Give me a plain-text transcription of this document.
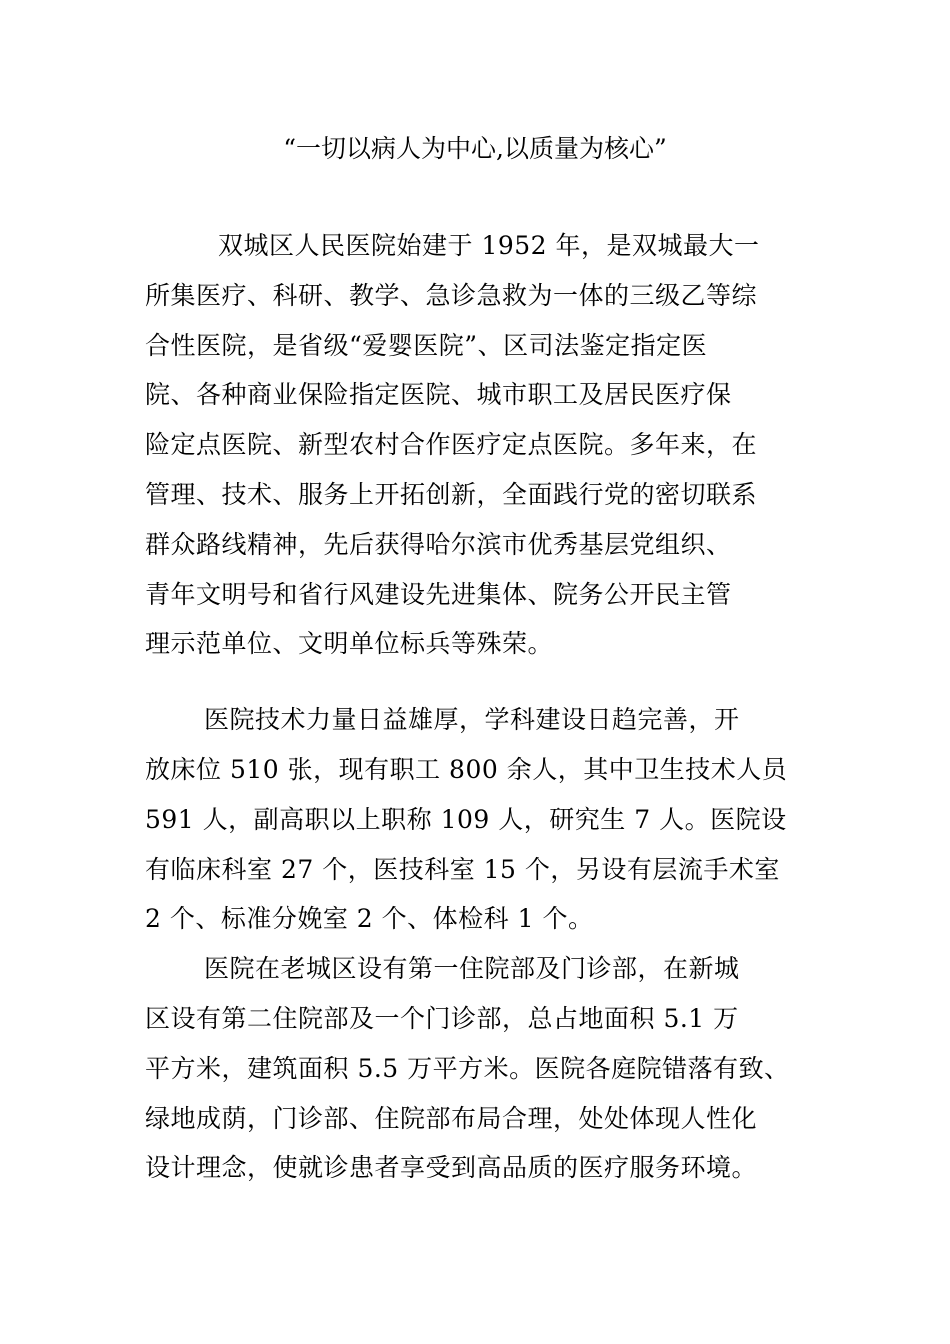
“一切以病人为中心,以质量为核心”
双城区人民医院始建于 1952 年，是双城最大一
所集医疗、科研、教学、急诊急救为一体的三级乙等综
合性医院，是省级“爱婴医院”、区司法鉴定指定医
院、各种商业保险指定医院、城市职工及居民医疗保
险定点医院、新型农村合作医疗定点医院。多年来，在
管理、技术、服务上开拓创新，全面践行党的密切联系
群众路线精神，先后获得哈尔滨市优秀基层党组织、
青年文明号和省行风建设先进集体、院务公开民主管
理示范单位、文明单位标兵等殊荣。
医院技术力量日益雄厚，学科建设日趋完善，开
放床位 510 张，现有职工 800 余人，其中卫生技术人员
591 人，副高职以上职称 109 人，研究生 7 人。医院设
有临床科室 27 个，医技科室 15 个，另设有层流手术室
2 个、标准分娩室 2 个、体检科 1 个。
医院在老城区设有第一住院部及门诊部，在新城
区设有第二住院部及一个门诊部，总占地面积 5.1 万
平方米，建筑面积 5.5 万平方米。医院各庭院错落有致、
绿地成荫，门诊部、住院部布局合理，处处体现人性化
设计理念，使就诊患者享受到高品质的医疗服务环境。
